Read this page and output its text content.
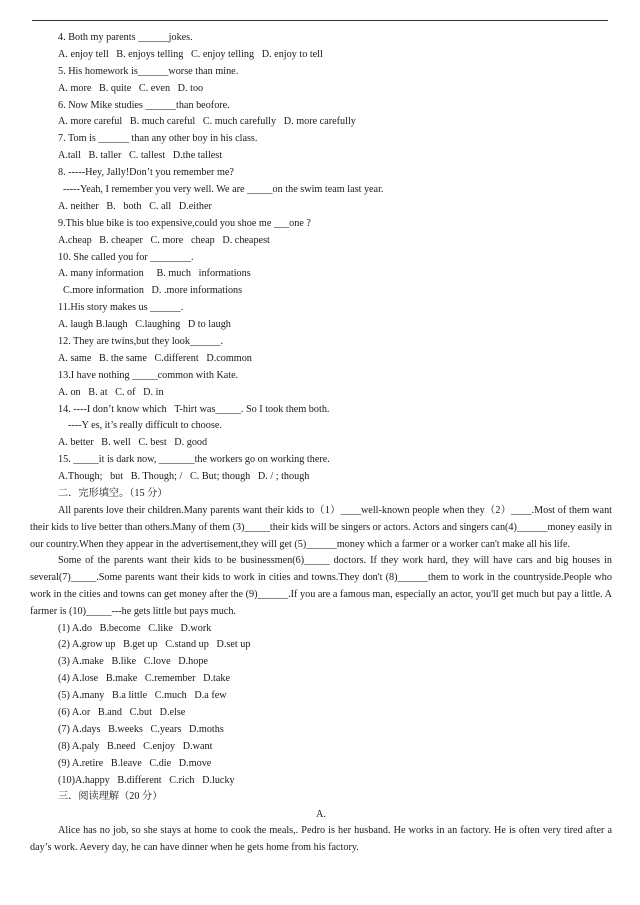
4. Both my parents ______jokes.
A. enjoy tell   B. enjoys telling   C. enjoy telling   D. enjoy to tell
5. His homework is______worse than mine.
A. more   B. quite   C. even   D. too
6. Now Mike studies ______than beofore.
A. more careful   B. much careful   C. much carefully   D. more carefully
7. Tom is ______ than any other boy in his class.
A.tall   B. taller   C. tallest   D.the tallest
8. -----Hey, Jally!Don’t you remember me?
-----Yeah, I remember you very well. We are _____on the swim team last year.
A. neither   B.   both   C. all   D.either
9.This blue bike is too expensive,could you shoe me ___one ?
A.cheap   B. cheaper   C. more   cheap   D. cheapest
10. She called you for ________.
A. many information     B. much   informations
C.more information   D. .more informations
11.His story makes us ______.
A. laugh B.laugh   C.laughing   D to laugh
12. They are twins,but they look______.
A. same   B. the same   C.different   D.common
13.I have nothing _____common with Kate.
A. on   B. at   C. of   D. in
14. ----I don’t know which   T-hirt was_____. So I took them both.
----Y es, it’s really difficult to choose.
A. better   B. well   C. best   D. good
15. _____it is dark now, _______the workers go on working there.
A.Though;   but   B. Though; /   C. But; though   D. / ; though
二．完形填空。（15 分）
All parents love their children.Many parents want their kids to（1）____well-known people when they（2）____.Most of them want their kids to live better than others.Many of them (3)_____their kids will be singers or actors. Actors and singers can(4)______money easily in our country.When they appear in the advertisement,they will get (5)______money which a farmer or a worker can't make all his life.
Some of the parents want their kids to be businessmen(6)_____ doctors. If they work hard, they will have cars and big houses in several(7)_____.Some parents want their kids to work in cities and towns.They don't (8)______them to work in the countryside.People who work in the cities and towns can get money after the (9)______.If you are a famous man, especially an actor, you'll get much but pay a little. A farmer is (10)_____---he gets little but pays much.
(1) A.do   B.become   C.like   D.work
(2) A.grow up   B.get up   C.stand up   D.set up
(3) A.make   B.like   C.love   D.hope
(4) A.lose   B.make   C.remember   D.take
(5) A.many   B.a little   C.much   D.a few
(6) A.or   B.and   C.but   D.else
(7) A.days   B.weeks   C.years   D.moths
(8) A.paly   B.need   C.enjoy   D.want
(9) A.retire   B.leave   C.die   D.move
(10)A.happy   B.different   C.rich   D.lucky
三．阅读理解（20 分）
A.
Alice has no job, so she stays at home to cook the meals,. Pedro is her husband. He works in an factory. He is often very tired after a day’s work. Aevery day, he can have dinner when he gets home from his factory.
